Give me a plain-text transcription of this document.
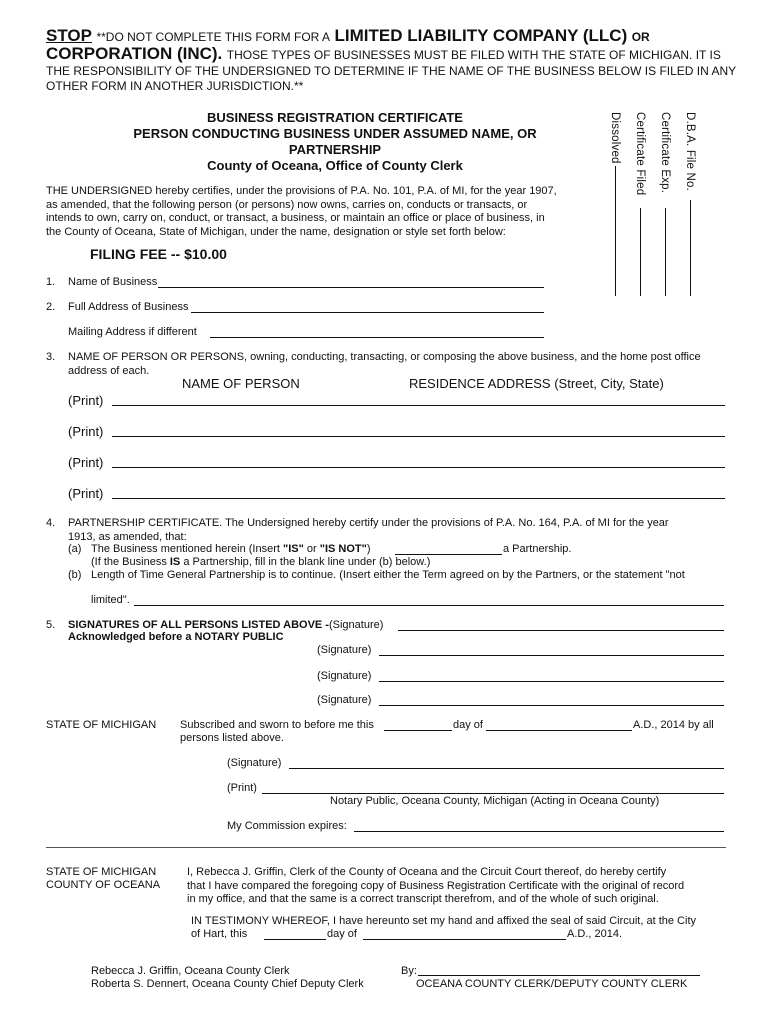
STOP **DO NOT COMPLETE THIS FORM FOR A LIMITED LIABILITY COMPANY (LLC) OR
CORPORATION (INC). THOSE TYPES OF BUSINESSES MUST BE FILED WITH THE STATE OF MICHIGAN. IT IS
THE RESPONSIBILITY OF THE UNDERSIGNED TO DETERMINE IF THE NAME OF THE BUSINESS BELOW IS FILED IN ANY
OTHER FORM IN ANOTHER JURISDICTION.**
BUSINESS REGISTRATION CERTIFICATE
PERSON CONDUCTING BUSINESS UNDER ASSUMED NAME, OR
PARTNERSHIP
County of Oceana, Office of County Clerk	D.B.A. File No.
Certificate Exp.
Certificate Filed
Dissolved
THE UNDERSIGNED hereby certifies, under the provisions of P.A. No. 101, P.A. of MI, for the year 1907,
as amended, that the following person (or persons) now owns, carries on, conducts or transacts, or
intends to own, carry on, conduct, or transact, a business, or maintain an office or place of business, in
the County of Oceana, State of Michigan, under the name, designation or style set forth below:
FILING FEE -- $10.00
1. Name of Business
2. Full Address of Business
Mailing Address if different
3. NAME OF PERSON OR PERSONS, owning, conducting, transacting, or composing the above business, and the home post office
address of each.
NAME OF PERSON	RESIDENCE ADDRESS (Street, City, State)
(Print)
(Print)
(Print)
(Print)
4. PARTNERSHIP CERTIFICATE. The Undersigned hereby certify under the provisions of P.A. No. 164, P.A. of MI for the year
1913, as amended, that:
(a) The Business mentioned herein (Insert "IS" or "IS NOT")	a Partnership.
(If the Business IS a Partnership, fill in the blank line under (b) below.)
(b) Length of Time General Partnership is to continue. (Insert either the Term agreed on by the Partners, or the statement "not
limited".
5. SIGNATURES OF ALL PERSONS LISTED ABOVE -(Signature)
Acknowledged before a NOTARY PUBLIC
(Signature)
(Signature)
(Signature)
STATE OF MICHIGAN Subscribed and sworn to before me this	day of	A.D., 2014 by all
persons listed above.
(Signature)
(Print)
Notary Public, Oceana County, Michigan (Acting in Oceana County)
My Commission expires:
STATE OF MICHIGAN
COUNTY OF OCEANA
I, Rebecca J. Griffin, Clerk of the County of Oceana and the Circuit Court thereof, do hereby certify
that I have compared the foregoing copy of Business Registration Certificate with the original of record
in my office, and that the same is a correct transcript therefrom, and of the whole of such original.
IN TESTIMONY WHEREOF, I have hereunto set my hand and affixed the seal of said Circuit, at the City
of Hart, this	day of	A.D., 2014.
Rebecca J. Griffin, Oceana County Clerk
Roberta S. Dennert, Oceana County Chief Deputy Clerk
By:
OCEANA COUNTY CLERK/DEPUTY COUNTY CLERK
